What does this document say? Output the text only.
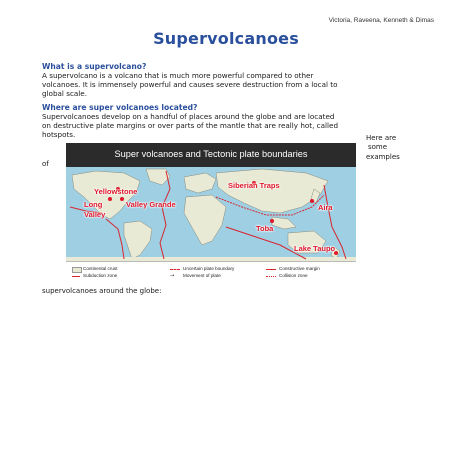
Victoria, Raveena, Kenneth & Dimas
Supervolcanoes
What is a supervolcano?
A supervolcano is a volcano that is much more powerful compared to other
volcanoes. It is immensely powerful and causes severe destruction from a local to
global scale.
Where are super volcanoes located?
Supervolcanoes develop on a handful of places around the globe and are located
on destructive plate margins or over parts of the mantle that are really hot, called
hotspots.	Here are
some
examples
of
Super volcanoes and Tectonic plate boundaries
Yellowstone
Long
Valley
Valley Grande
Siberian Traps
Aira
Toba
Lake Taupo
Continental crust	Uncertain plate boundary	Constructive margin
Subduction zone	→ Movement of plate	Collision zone
supervolcanoes around the globe:
